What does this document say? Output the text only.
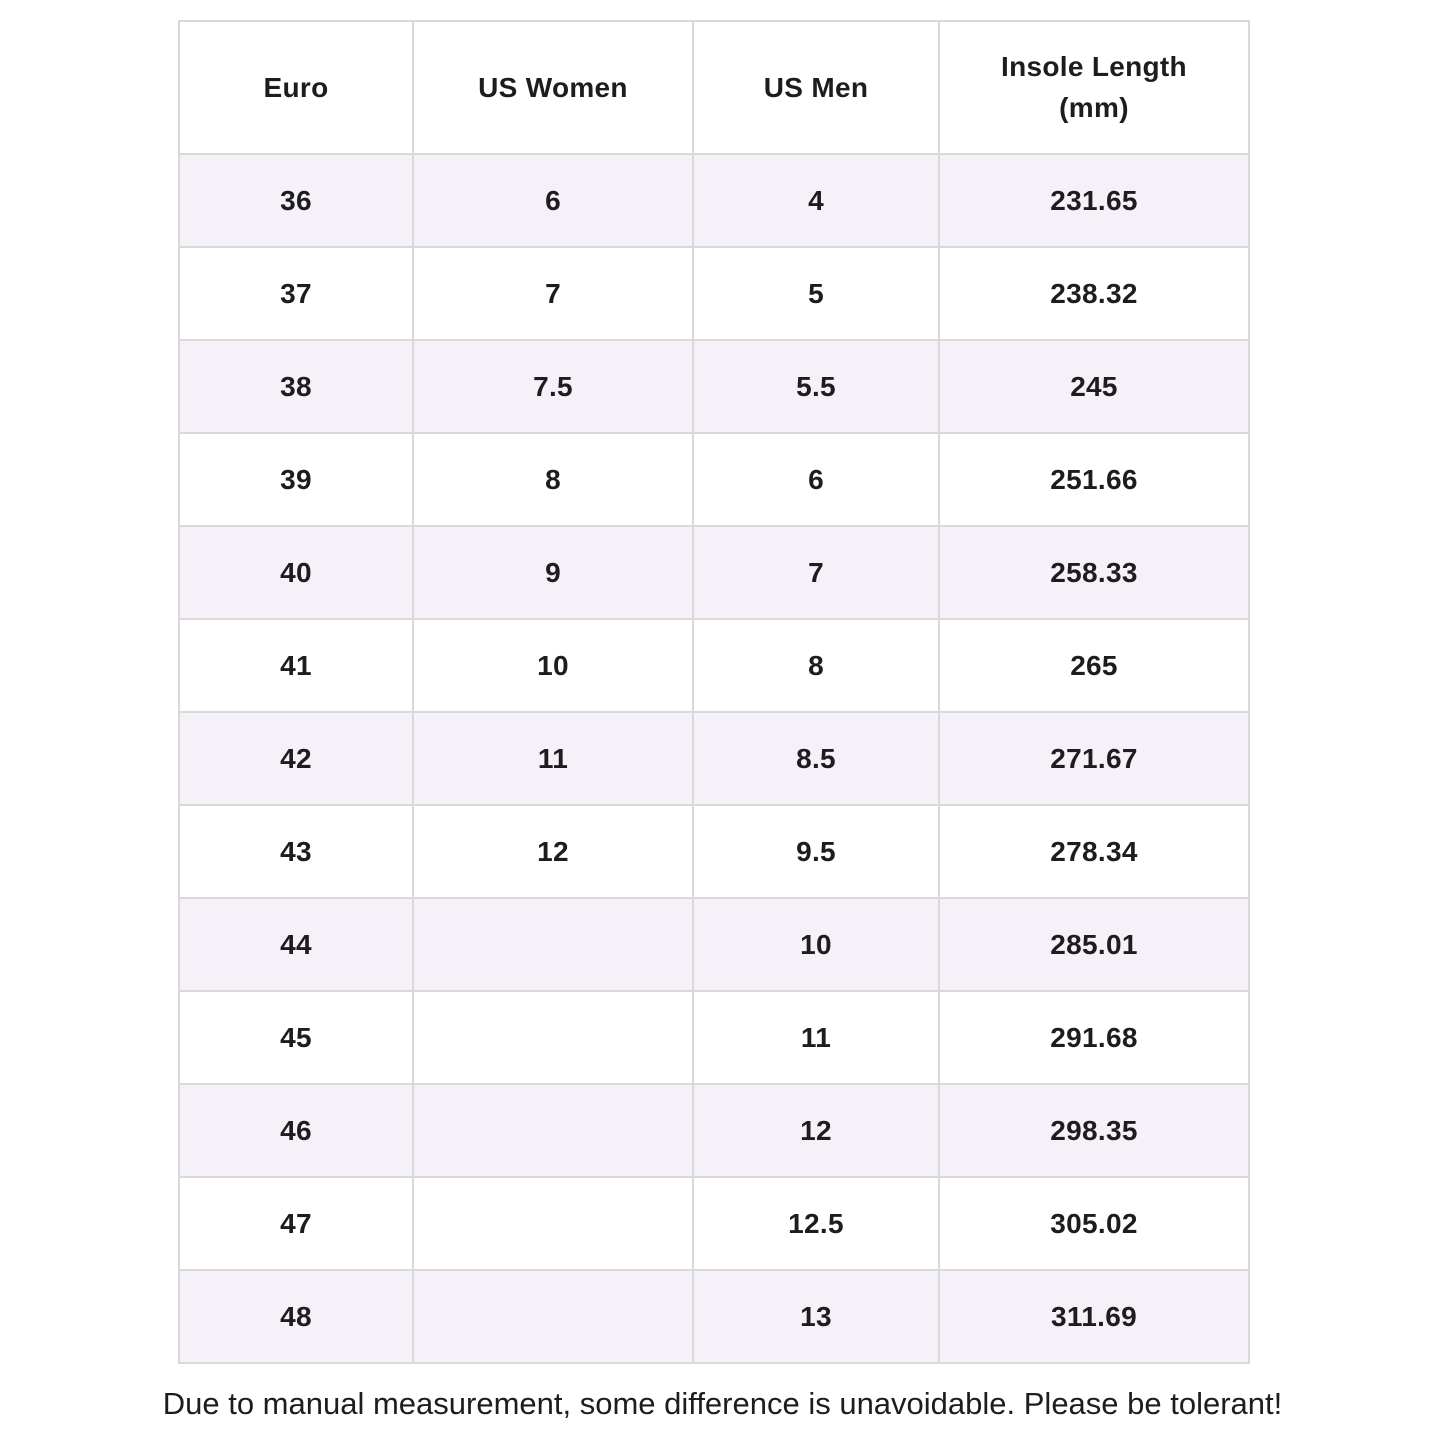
Euro	US Women	US Men	Insole Length
(mm)

36	6	4	231.65
37	7	5	238.32
38	7.5	5.5	245
39	8	6	251.66
40	9	7	258.33
41	10	8	265
42	11	8.5	271.67
43	12	9.5	278.34
44		10	285.01
45		11	291.68
46		12	298.35
47		12.5	305.02
48		13	311.69

Due to manual measurement, some difference is unavoidable. Please be tolerant!
